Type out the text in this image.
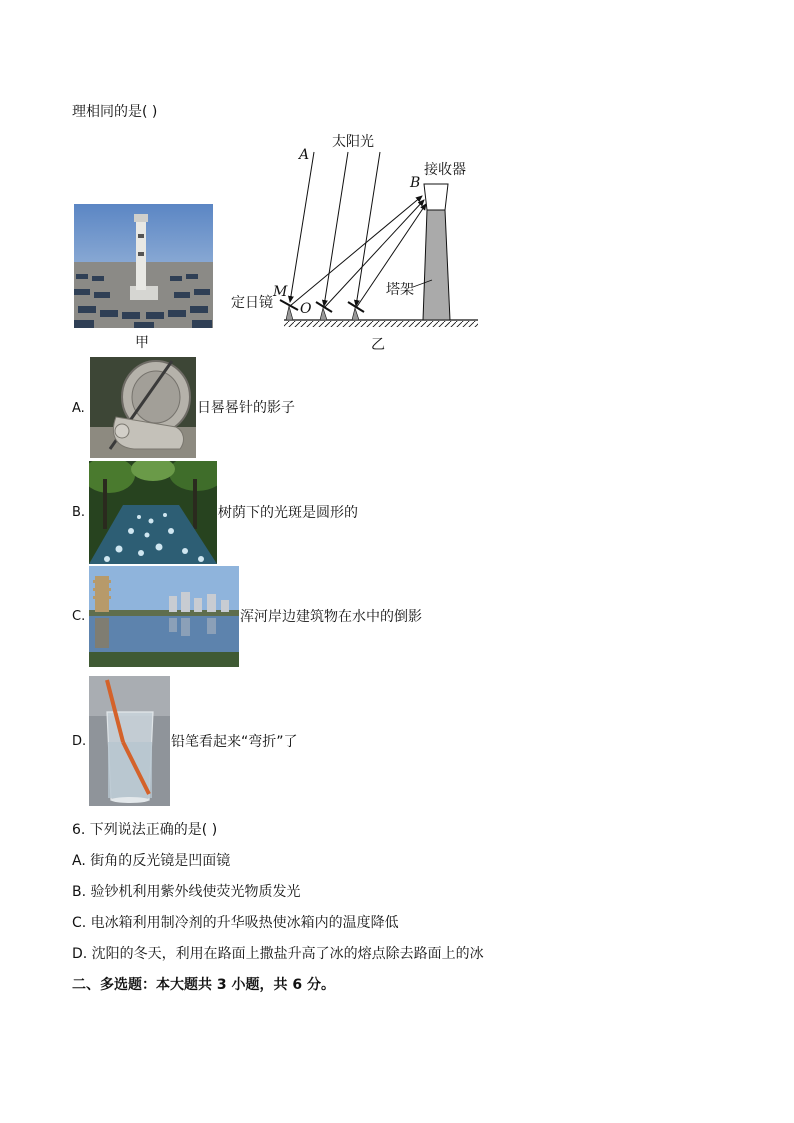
理相同的是( )
甲
A
太阳光
B
接收器
M
定日镜 O
塔架
乙
A.	日晷晷针的影子
B.	树荫下的光斑是圆形的
C.	浑河岸边建筑物在水中的倒影
D.	铅笔看起来“弯折”了
6. 下列说法正确的是( )
A. 街角的反光镜是凹面镜
B. 验钞机利用紫外线使荧光物质发光
C. 电冰箱利用制冷剂的升华吸热使冰箱内的温度降低
D. 沈阳的冬天，利用在路面上撒盐升高了冰的熔点除去路面上的冰
二、多选题：本大题共 3 小题，共 6 分。
